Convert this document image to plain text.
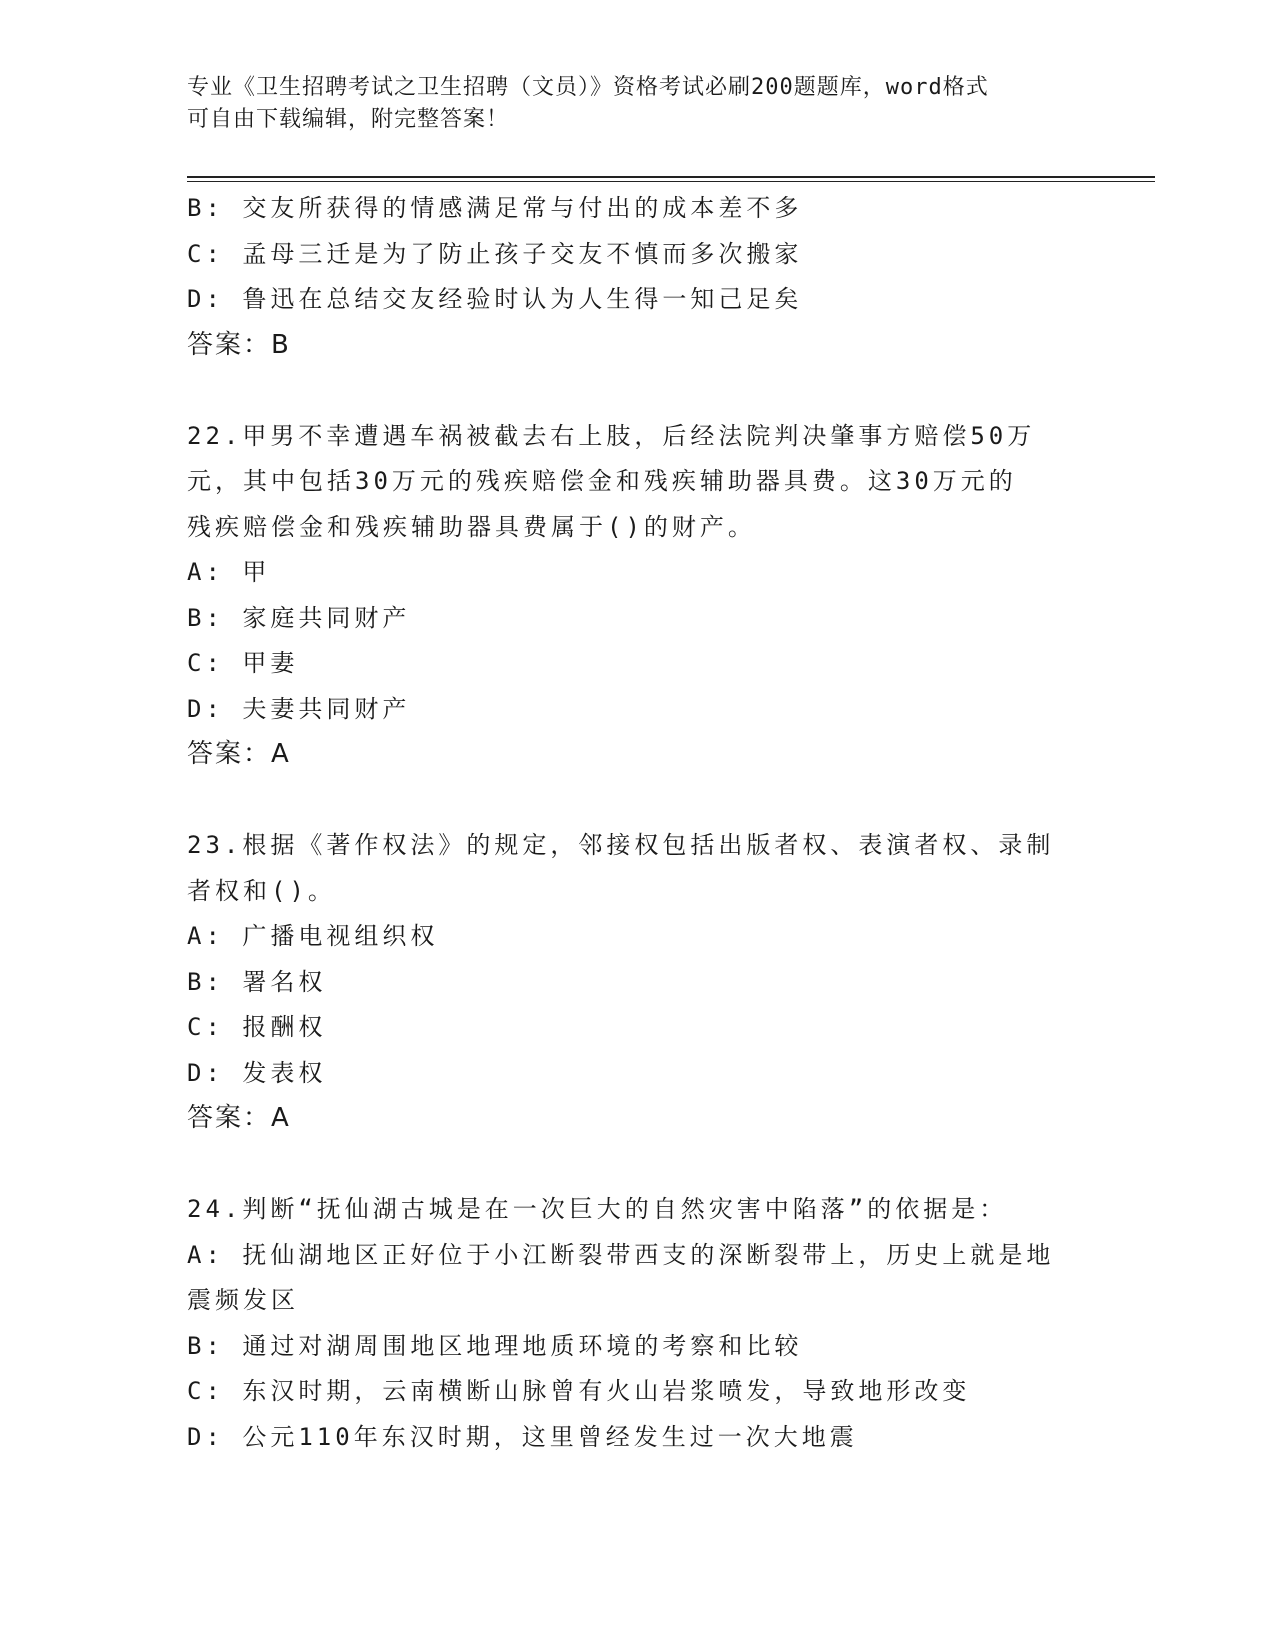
专业《卫生招聘考试之卫生招聘（文员）》资格考试必刷200题题库，word格式
可自由下载编辑，附完整答案！
B: 交友所获得的情感满足常与付出的成本差不多
C: 孟母三迁是为了防止孩子交友不慎而多次搬家
D: 鲁迅在总结交友经验时认为人生得一知己足矣
答案：B
22.甲男不幸遭遇车祸被截去右上肢，后经法院判决肇事方赔偿50万
元，其中包括30万元的残疾赔偿金和残疾辅助器具费。这30万元的
残疾赔偿金和残疾辅助器具费属于()的财产。
A: 甲
B: 家庭共同财产
C: 甲妻
D: 夫妻共同财产
答案：A
23.根据《著作权法》的规定，邻接权包括出版者权、表演者权、录制
者权和()。
A: 广播电视组织权
B: 署名权
C: 报酬权
D: 发表权
答案：A
24.判断“抚仙湖古城是在一次巨大的自然灾害中陷落”的依据是：
A: 抚仙湖地区正好位于小江断裂带西支的深断裂带上，历史上就是地
震频发区
B: 通过对湖周围地区地理地质环境的考察和比较
C: 东汉时期，云南横断山脉曾有火山岩浆喷发，导致地形改变
D: 公元110年东汉时期，这里曾经发生过一次大地震
